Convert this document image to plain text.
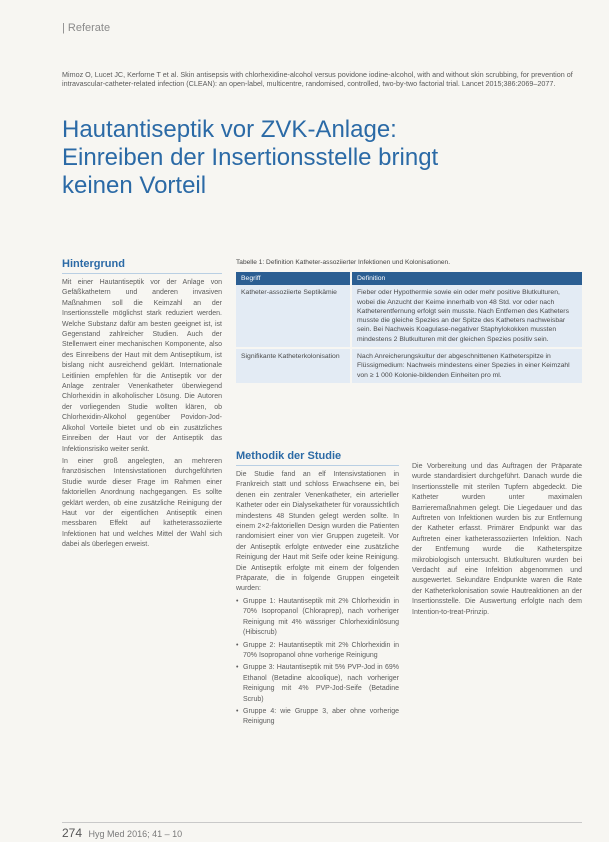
| Referate
Mimoz O, Lucet JC, Kerforne T et al. Skin antisepsis with chlorhexidine-alcohol versus povidone iodine-alcohol, with and without skin scrubbing, for prevention of intravascular-catheter-related infection (CLEAN): an open-label, multicentre, randomised, controlled, two-by-two factorial trial. Lancet 2015;386:2069–2077.
Hautantiseptik vor ZVK-Anlage:
Einreiben der Insertionsstelle bringt
keinen Vorteil
Hintergrund

Mit einer Hautantiseptik vor der Anlage von Gefäßkathetern und anderen invasiven Maßnahmen soll die Keimzahl an der Insertionsstelle möglichst stark reduziert werden. Welche Substanz dafür am besten geeignet ist, ist Gegenstand zahlreicher Studien. Auch der Stellenwert einer mechanischen Komponente, also des Einreibens der Haut mit dem Antiseptikum, ist bislang nicht ausreichend geklärt. Internationale Leitlinien empfehlen für die Antiseptik vor der Anlage zentraler Venenkatheter überwiegend Chlorhexidin in alkoholischer Lösung. Die Autoren der vorliegenden Studie wollten klären, ob Chlorhexidin-Alkohol gegenüber Povidon-Jod-Alkohol Vorteile bietet und ob ein zusätzliches Einreiben der Haut vor der Antiseptik das Infektionsrisiko weiter senkt.

In einer groß angelegten, an mehreren französischen Intensivstationen durchgeführten Studie wurde dieser Frage im Rahmen einer faktoriellen Anordnung nachgegangen. Es sollte geklärt werden, ob eine zusätzliche Reinigung der Haut vor der eigentlichen Antiseptik einen messbaren Effekt auf katheterassoziierte Infektionen hat und welches Mittel der Wahl sich dabei als überlegen erweist.

Tabelle 1: Definition Katheter-assoziierter Infektionen und Kolonisationen.
Begriff	Definition
Katheter-assoziierte Septikämie	Fieber oder Hypothermie sowie ein oder mehr positive Blutkulturen, wobei die Anzucht der Keime innerhalb von 48 Std. vor oder nach Katheterentfernung erfolgt sein musste. Nach Entfernen des Katheters musste die gleiche Spezies an der Spitze des Katheters nachweisbar sein. Bei Nachweis Koagulase-negativer Staphylokokken mussten mindestens 2 Blutkulturen mit der gleichen Spezies positiv sein.
Signifikante Katheterkolonisation	Nach Anreicherungskultur der abgeschnittenen Katheterspitze in Flüssigmedium: Nachweis mindestens einer Spezies in einer Keimzahl von ≥ 1 000 Kolonie-bildenden Einheiten pro ml.
Methodik der Studie

Die Studie fand an elf Intensivstationen in Frankreich statt und schloss Erwachsene ein, bei denen ein zentraler Venenkatheter, ein arterieller Katheter oder ein Dialysekatheter für voraussichtlich mindestens 48 Stunden gelegt werden sollte. In einem 2×2-faktoriellen Design wurden die Patienten randomisiert einer von vier Gruppen zugeteilt. Vor der Antiseptik erfolgte entweder eine zusätzliche Reinigung der Haut mit Seife oder keine Reinigung. Die Antiseptik erfolgte mit einem der folgenden Präparate, die in folgende Gruppen eingeteilt wurden:

• Gruppe 1: Hautantiseptik mit 2% Chlorhexidin in 70% Isopropanol (Chloraprep), nach vorheriger Reinigung mit 4% wässriger Chlorhexidinlösung (Hibiscrub)
• Gruppe 2: Hautantiseptik mit 2% Chlorhexidin in 70% Isopropanol ohne vorherige Reinigung
• Gruppe 3: Hautantiseptik mit 5% PVP-Jod in 69% Ethanol (Betadine alcoolique), nach vorheriger Reinigung mit 4% PVP-Jod-Seife (Betadine Scrub)
• Gruppe 4: wie Gruppe 3, aber ohne vorherige Reinigung

Die Vorbereitung und das Auftragen der Präparate wurde standardisiert durchgeführt. Danach wurde die Insertionsstelle mit sterilen Tupfern abgedeckt. Die Katheter wurden unter maximalen Barrieremaßnahmen gelegt. Die Liegedauer und das Auftreten von Infektionen wurden bis zur Entfernung der Katheter erfasst. Primärer Endpunkt war das Auftreten einer katheterassoziierten Infektion. Nach der Entfernung wurde die Katheterspitze mikrobiologisch untersucht. Blutkulturen wurden bei Verdacht auf eine Infektion abgenommen und ausgewertet. Sekundäre Endpunkte waren die Rate der Katheterkolonisation sowie Hautreaktionen an der Insertionsstelle. Die Auswertung erfolgte nach dem Intention-to-treat-Prinzip.

274 Hyg Med 2016; 41 – 10
